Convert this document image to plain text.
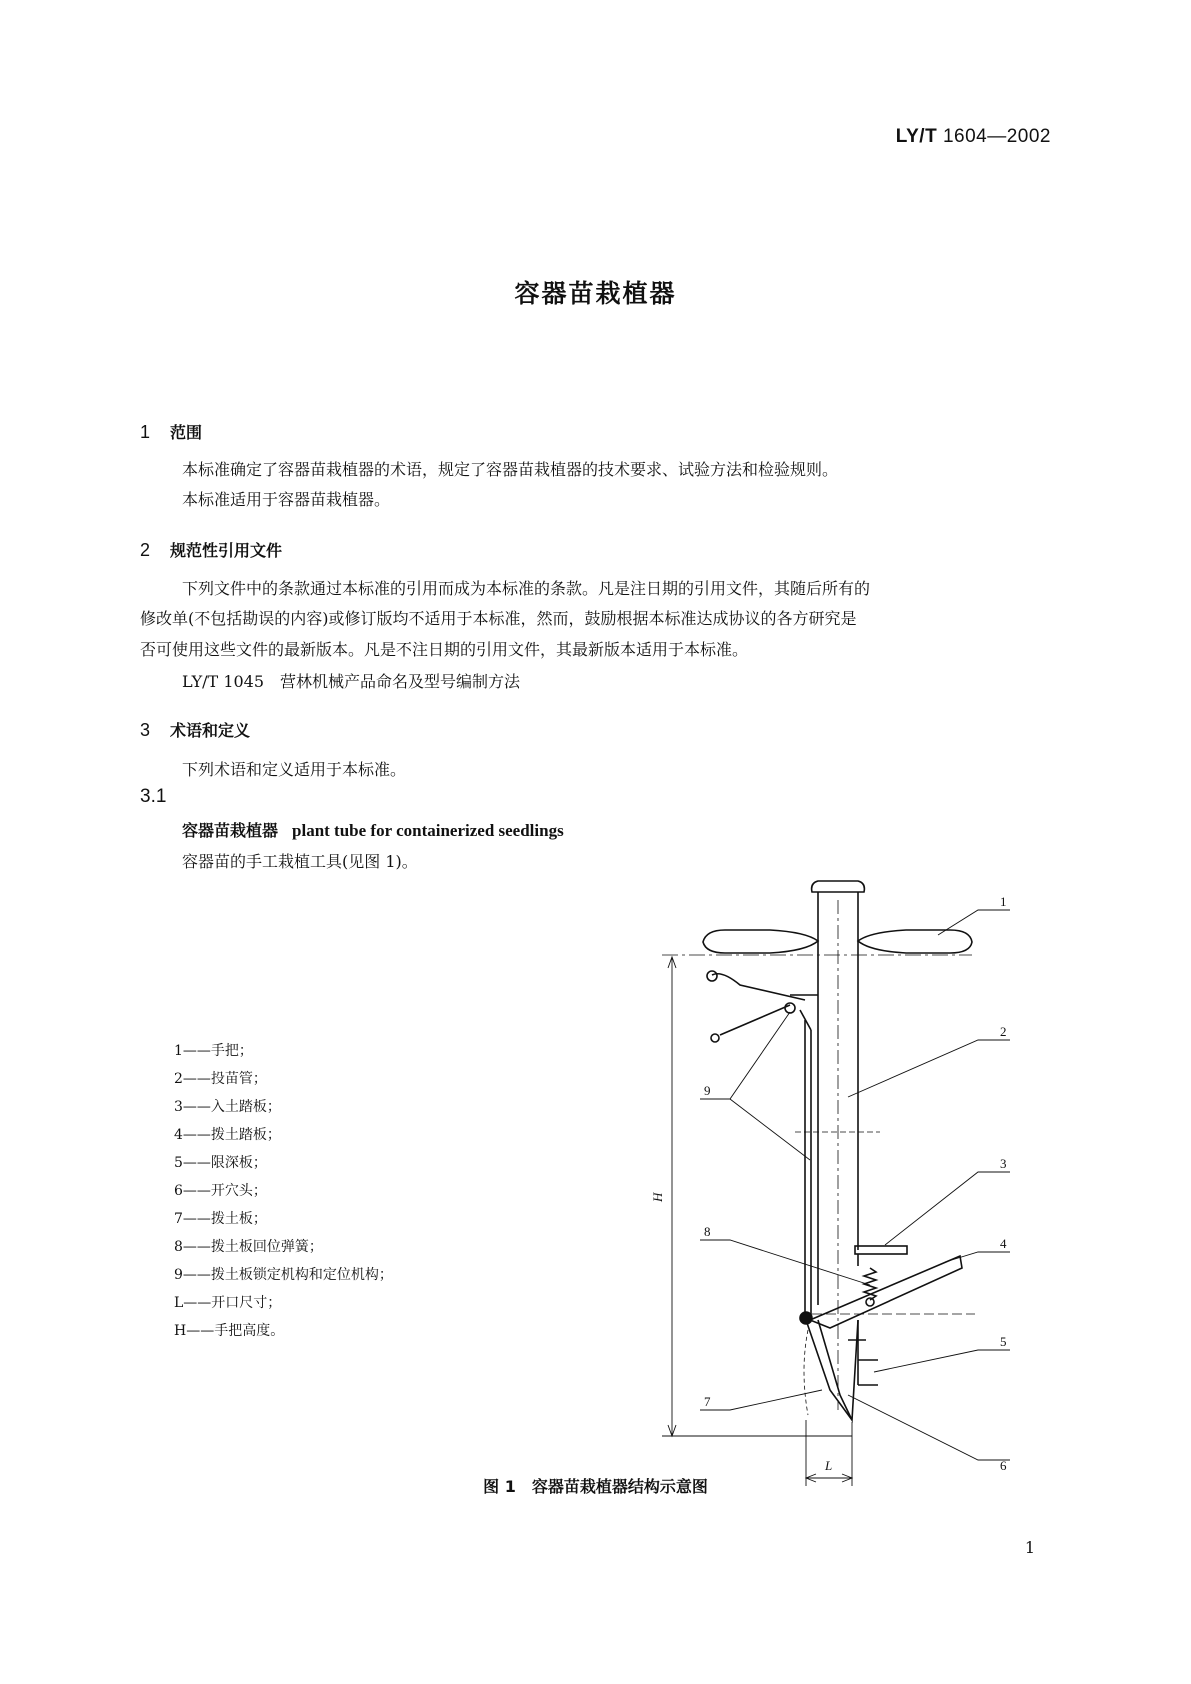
LY/T 1604—2002
容器苗栽植器
1 范围
本标准确定了容器苗栽植器的术语，规定了容器苗栽植器的技术要求、试验方法和检验规则。
本标准适用于容器苗栽植器。
2 规范性引用文件
下列文件中的条款通过本标准的引用而成为本标准的条款。凡是注日期的引用文件，其随后所有的
修改单(不包括勘误的内容)或修订版均不适用于本标准，然而，鼓励根据本标准达成协议的各方研究是
否可使用这些文件的最新版本。凡是不注日期的引用文件，其最新版本适用于本标准。
LY/T 1045　营林机械产品命名及型号编制方法
3 术语和定义
下列术语和定义适用于本标准。
3.1
容器苗栽植器 plant tube for containerized seedlings
容器苗的手工栽植工具(见图 1)。
1——手把；
2——投苗管；
3——入土踏板；
4——拨土踏板；
5——限深板；
6——开穴头；
7——拨土板；
8——拨土板回位弹簧；
9——拨土板锁定机构和定位机构；
L——开口尺寸；
H——手把高度。
1
2
3
4
5
6
7
8
9
H
L
图 1 容器苗栽植器结构示意图
1
